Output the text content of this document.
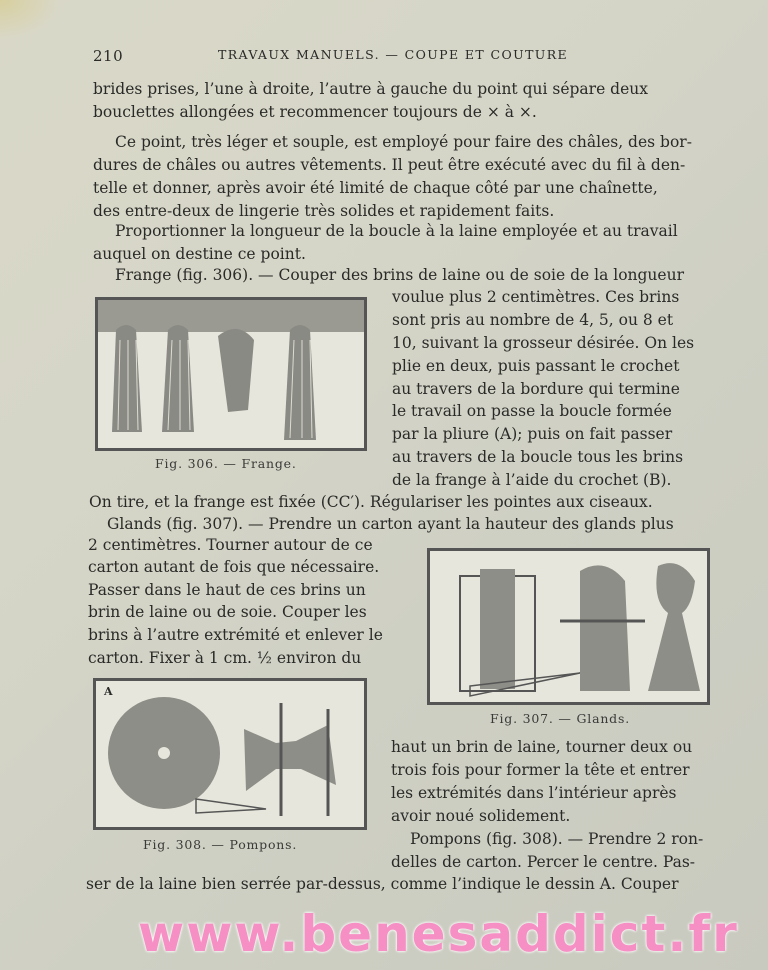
210	TRAVAUX MANUELS. — COUPE ET COUTURE
brides prises, l’une à droite, l’autre à gauche du point qui sépare deux
bouclettes allongées et recommencer toujours de × à ×.
Ce point, très léger et souple, est employé pour faire des châles, des bor-
dures de châles ou autres vêtements. Il peut être exécuté avec du fil à den-
telle et donner, après avoir été limité de chaque côté par une chaînette,
des entre-deux de lingerie très solides et rapidement faits.
Proportionner la longueur de la boucle à la laine employée et au travail
auquel on destine ce point.
Frange (fig. 306). — Couper des brins de laine ou de soie de la longueur
Fig. 306. — Frange.
voulue plus 2 centimètres. Ces brins
sont pris au nombre de 4, 5, ou 8 et
10, suivant la grosseur désirée. On les
plie en deux, puis passant le crochet
au travers de la bordure qui termine
le travail on passe la boucle formée
par la pliure (A); puis on fait passer
au travers de la boucle tous les brins
de la frange à l’aide du crochet (B).
On tire, et la frange est fixée (CC′). Régulariser les pointes aux ciseaux.
Glands (fig. 307). — Prendre un carton ayant la hauteur des glands plus
2 centimètres. Tourner autour de ce
carton autant de fois que nécessaire.
Passer dans le haut de ces brins un
brin de laine ou de soie. Couper les
brins à l’autre extrémité et enlever le
carton. Fixer à 1 cm. ½ environ du
Fig. 307. — Glands.
A
Fig. 308. — Pompons.
haut un brin de laine, tourner deux ou
trois fois pour former la tête et entrer
les extrémités dans l’intérieur après
avoir noué solidement.
Pompons (fig. 308). — Prendre 2 ron-
delles de carton. Percer le centre. Pas-
ser de la laine bien serrée par-dessus, comme l’indique le dessin A. Couper
www.benesaddict.fr
